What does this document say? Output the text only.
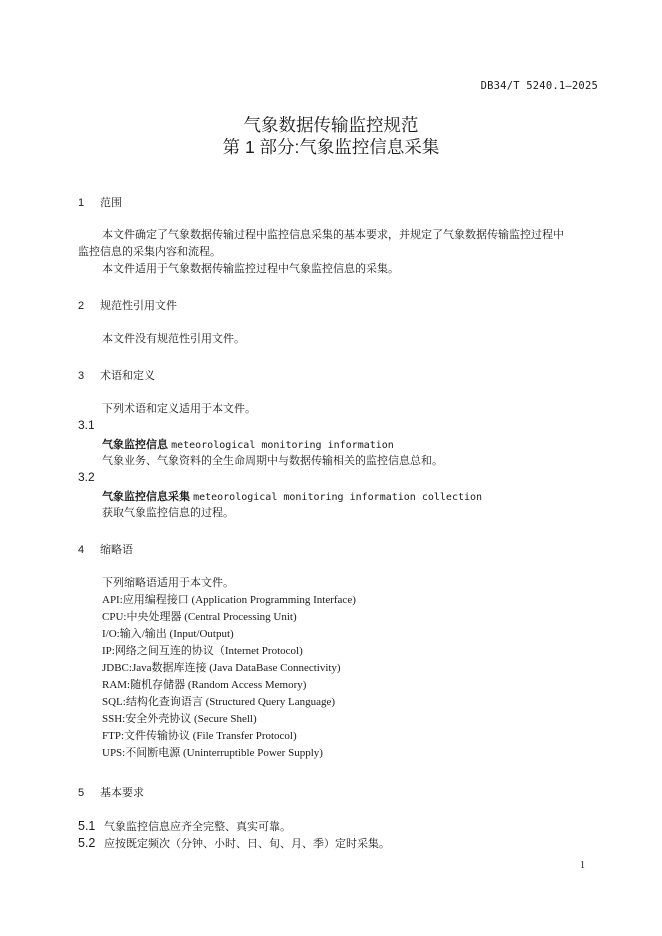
DB34/T 5240.1—2025
气象数据传输监控规范
第 1 部分:气象监控信息采集
1 范围
本文件确定了气象数据传输过程中监控信息采集的基本要求，并规定了气象数据传输监控过程中
监控信息的采集内容和流程。
本文件适用于气象数据传输监控过程中气象监控信息的采集。
2 规范性引用文件
本文件没有规范性引用文件。
3 术语和定义
下列术语和定义适用于本文件。
3.1
气象监控信息 meteorological monitoring information
气象业务、气象资料的全生命周期中与数据传输相关的监控信息总和。
3.2
气象监控信息采集 meteorological monitoring information collection
获取气象监控信息的过程。
4 缩略语
下列缩略语适用于本文件。
API:应用编程接口 (Application Programming Interface)
CPU:中央处理器 (Central Processing Unit)
I/O:输入/输出 (Input/Output)
IP:网络之间互连的协议（Internet Protocol)
JDBC:Java数据库连接 (Java DataBase Connectivity)
RAM:随机存储器 (Random Access Memory)
SQL:结构化查询语言 (Structured Query Language)
SSH:安全外壳协议 (Secure Shell)
FTP:文件传输协议 (File Transfer Protocol)
UPS:不间断电源 (Uninterruptible Power Supply)
5 基本要求
5.1 气象监控信息应齐全完整、真实可靠。
5.2 应按既定频次（分钟、小时、日、旬、月、季）定时采集。
1
